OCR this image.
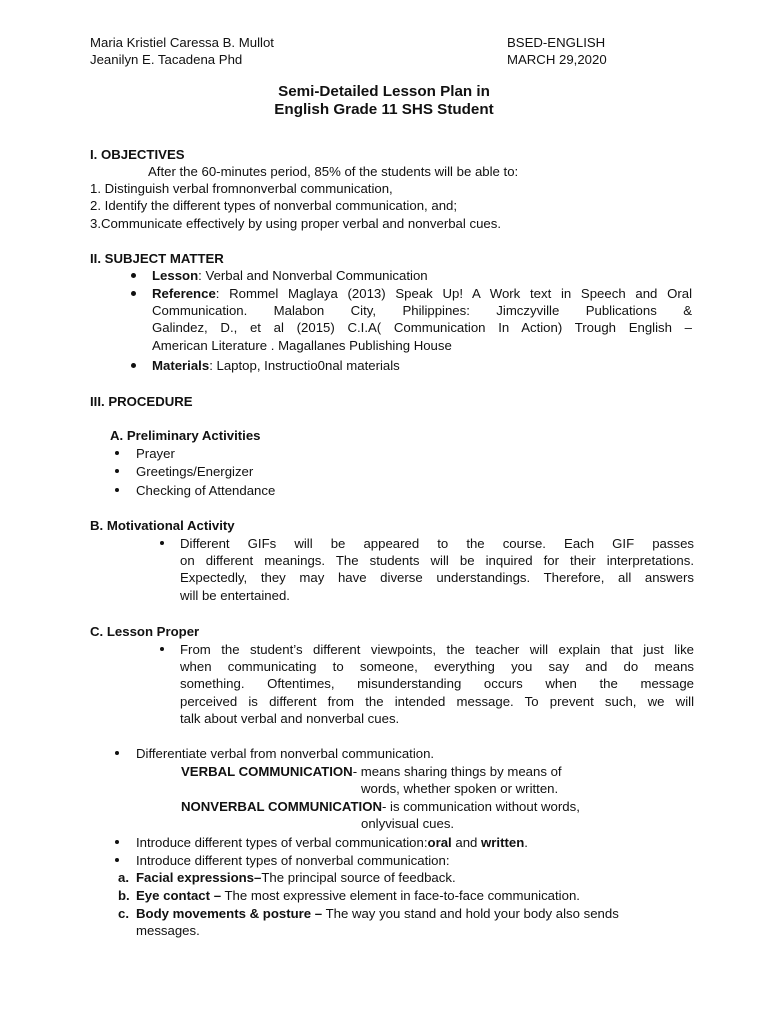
Maria Kristiel Caressa B. Mullot
Jeanilyn E. Tacadena Phd
BSED-ENGLISH
MARCH 29,2020
Semi-Detailed Lesson Plan in
English Grade 11 SHS Student
I. OBJECTIVES
After the 60-minutes period, 85% of the students will be able to:
1. Distinguish verbal fromnonverbal communication,
2. Identify the different types of nonverbal communication, and;
3.Communicate effectively by using proper verbal and nonverbal cues.
II. SUBJECT MATTER
Lesson: Verbal and Nonverbal Communication
Reference: Rommel Maglaya (2013) Speak Up! A Work text in Speech and Oral
Communication. Malabon City, Philippines: Jimczyville Publications &
Galindez, D., et al (2015) C.I.A( Communication In Action) Trough English –
American Literature . Magallanes Publishing House
Materials: Laptop, Instructio0nal materials
III. PROCEDURE
A. Preliminary Activities
Prayer
Greetings/Energizer
Checking of Attendance
B. Motivational Activity
Different GIFs will be appeared to the course. Each GIF passes
on different meanings. The students will be inquired for their interpretations.
Expectedly, they may have diverse understandings. Therefore, all answers
will be entertained.
C. Lesson Proper
From the student’s different viewpoints, the teacher will explain that just like
when communicating to someone, everything you say and do means
something. Oftentimes, misunderstanding occurs when the message
perceived is different from the intended message. To prevent such, we will
talk about verbal and nonverbal cues.
Differentiate verbal from nonverbal communication.
VERBAL COMMUNICATION- means sharing things by means of
words, whether spoken or written.
NONVERBAL COMMUNICATION- is communication without words,
onlyvisual cues.
Introduce different types of verbal communication:oral and written.
Introduce different types of nonverbal communication:
a. Facial expressions–The principal source of feedback.
b. Eye contact – The most expressive element in face-to-face communication.
c. Body movements & posture – The way you stand and hold your body also sends
messages.
